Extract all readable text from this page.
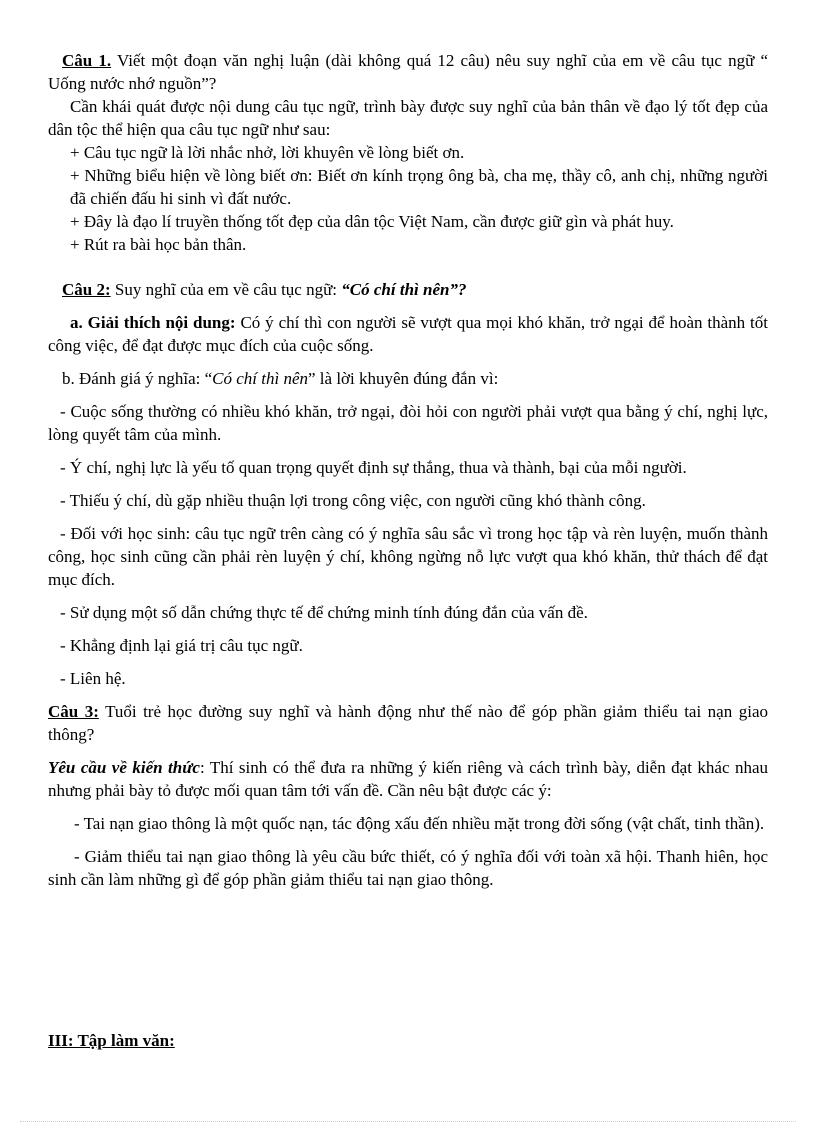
Câu 1. Viết một đoạn văn nghị luận (dài không quá 12 câu) nêu suy nghĩ của em về câu tục ngữ “ Uống nước nhớ nguồn”?

Cần khái quát được nội dung câu tục ngữ, trình bày được suy nghĩ của bản thân về đạo lý tốt đẹp của dân tộc thể hiện qua câu tục ngữ như sau:

+ Câu tục ngữ là lời nhắc nhở, lời khuyên về lòng biết ơn.

+ Những biểu hiện về lòng biết ơn: Biết ơn kính trọng ông bà, cha mẹ, thầy cô, anh chị, những người đã chiến đấu hi sinh vì đất nước.

+ Đây là đạo lí truyền thống tốt đẹp của dân tộc Việt Nam, cần được giữ gìn và phát huy.

+ Rút ra bài học bản thân.

Câu 2: Suy nghĩ của em về câu tục ngữ: “Có chí thì nên”?

a. Giải thích nội dung: Có ý chí thì con người sẽ vượt qua mọi khó khăn, trở ngại để hoàn thành tốt công việc, để đạt được mục đích của cuộc sống.

b. Đánh giá ý nghĩa: “Có chí thì nên” là lời khuyên đúng đắn vì:

- Cuộc sống thường có nhiều khó khăn, trở ngại, đòi hỏi con người phải vượt qua bằng ý chí, nghị lực, lòng quyết tâm của mình.

- Ý chí, nghị lực là yếu tố quan trọng quyết định sự thắng, thua và thành, bại của mỗi người.

- Thiếu ý chí, dù gặp nhiều thuận lợi trong công việc, con người cũng khó thành công.

- Đối với học sinh: câu tục ngữ trên càng có ý nghĩa sâu sắc vì trong học tập và rèn luyện, muốn thành công, học sinh cũng cần phải rèn luyện ý chí, không ngừng nỗ lực vượt qua khó khăn, thử thách để đạt mục đích.

- Sử dụng một số dẫn chứng thực tế để chứng minh tính đúng đắn của vấn đề.

- Khẳng định lại giá trị câu tục ngữ.

- Liên hệ.

Câu 3: Tuổi trẻ học đường suy nghĩ và hành động như thế nào để góp phần giảm thiểu tai nạn giao thông?

Yêu cầu về kiến thức: Thí sinh có thể đưa ra những ý kiến riêng và cách trình bày, diễn đạt khác nhau nhưng phải bày tỏ được mối quan tâm tới vấn đề. Cần nêu bật được các ý:

- Tai nạn giao thông là một quốc nạn, tác động xấu đến nhiều mặt trong đời sống (vật chất, tinh thần).

- Giảm thiểu tai nạn giao thông là yêu cầu bức thiết, có ý nghĩa đối với toàn xã hội. Thanh hiên, học sinh cần làm những gì để góp phần giảm thiểu tai nạn giao thông.

III: Tập làm văn:
